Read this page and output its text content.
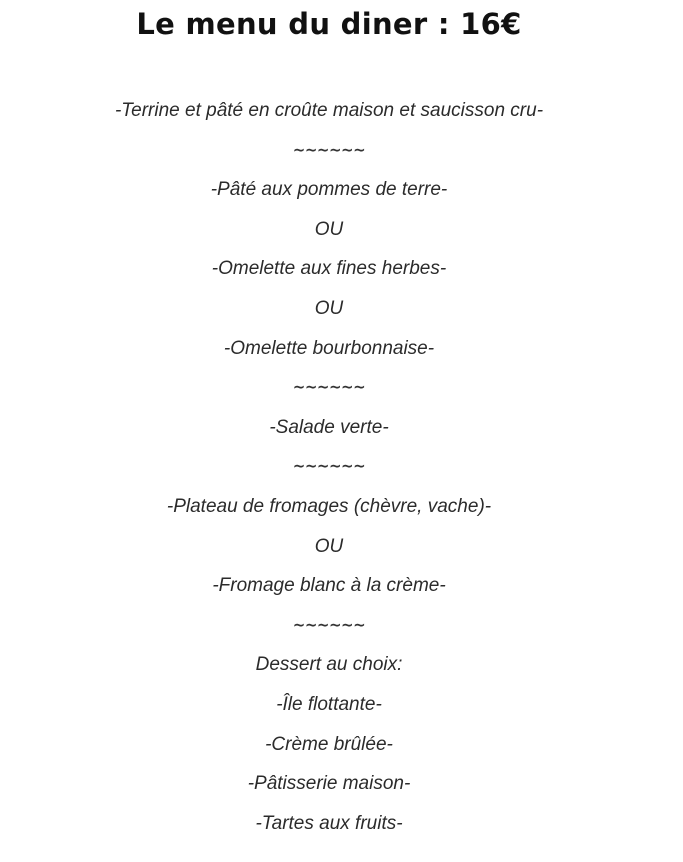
Le menu du diner : 16€
-Terrine et pâté en croûte maison et saucisson cru-
~~~~~~
-Pâté aux pommes de terre-
OU
-Omelette aux fines herbes-
OU
-Omelette bourbonnaise-
~~~~~~
-Salade verte-
~~~~~~
-Plateau de fromages (chèvre, vache)-
OU
-Fromage blanc à la crème-
~~~~~~
Dessert au choix:
-Île flottante-
-Crème brûlée-
-Pâtisserie maison-
-Tartes aux fruits-
